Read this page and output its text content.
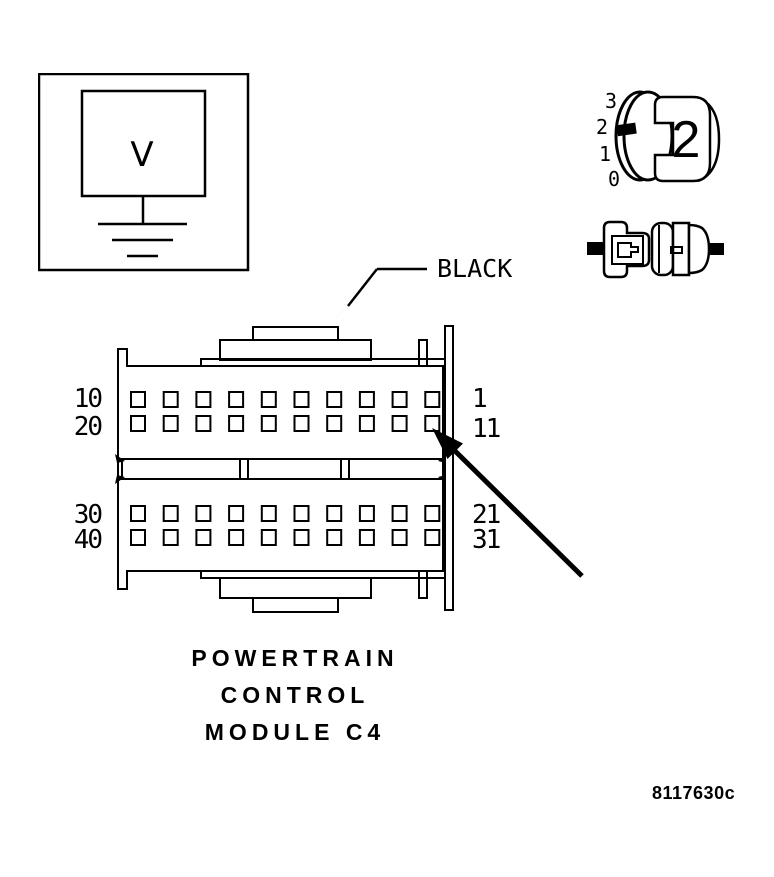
V
3
2
1
0
2
BLACK
10
20
30
40
1
11
21
31
POWERTRAIN
CONTROL
MODULE C4
8117630c
